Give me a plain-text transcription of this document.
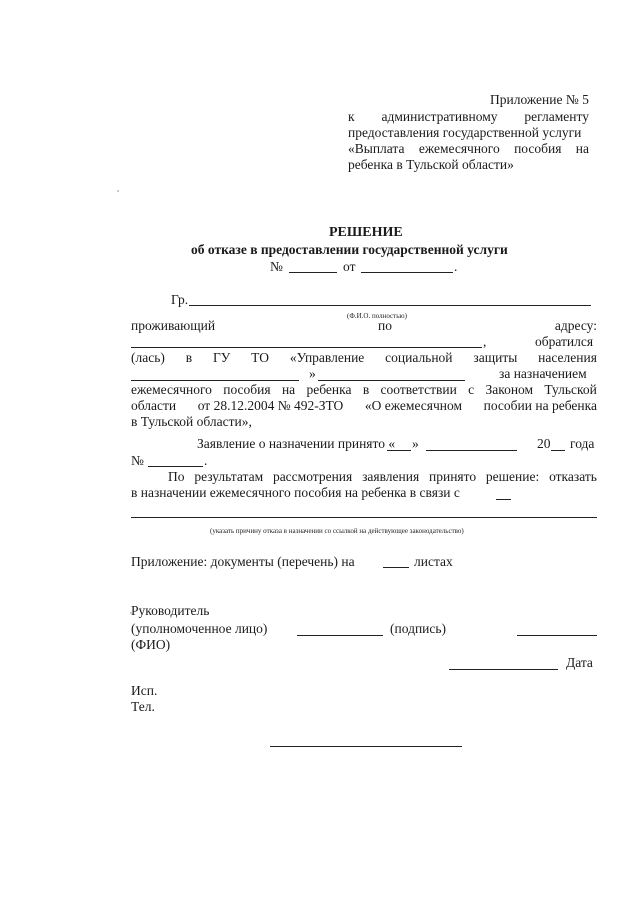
Приложение № 5
к административному регламенту
предоставления государственной услуги
«Выплата ежемесячного пособия на
ребенка в Тульской области»
РЕШЕНИЕ
об отказе в предоставлении государственной услуги
№	от	.
Гр.
(Ф.И.О. полностью)
проживающий	по	адресу:
,	обратился
(лась) в ГУ ТО «Управление социальной защиты населения
»	за назначением
ежемесячного пособия на ребенка в соответствии с Законом Тульской
области от 28.12.2004 № 492-ЗТО «О ежемесячном пособии на ребенка
в Тульской области»,
Заявление о назначении принято « »	20 года
№	.
По результатам рассмотрения заявления принято решение: отказать
в назначении ежемесячного пособия на ребенка в связи с
(указать причину отказа в назначении со ссылкой на действующее законодательство)
Приложение: документы (перечень) на	листах
Руководитель
(уполномоченное лицо)	(подпись)
(ФИО)
Дата
Исп.
Тел.
